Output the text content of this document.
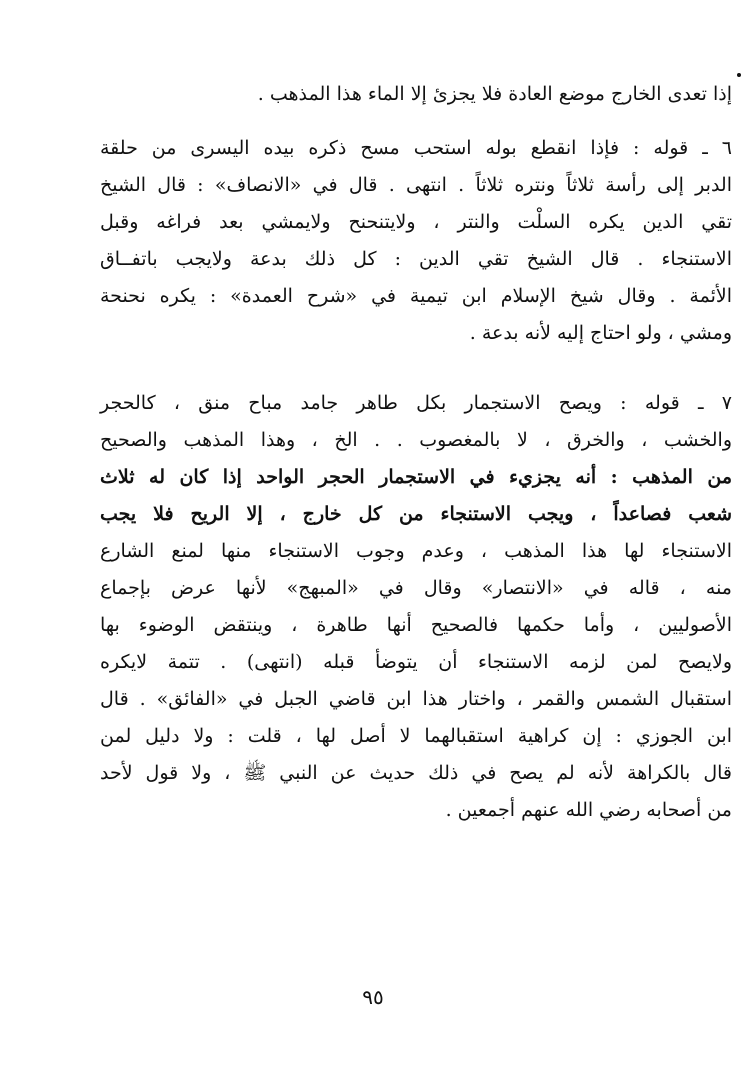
إذا تعدى الخارج موضع العادة فلا يجزئ إلا الماء هذا المذهب .
٦ ـ قوله : فإذا انقطع بوله استحب مسح ذكره بيده اليسرى من حلقة
الدبر إلى رأسة ثلاثاً ونتره ثلاثاً . انتهى . قال في «الانصاف» : قال الشيخ
تقي الدين يكره السلْت والنتر ، ولايتنحنح ولايمشي بعد فراغه وقبل
الاستنجاء . قال الشيخ تقي الدين : كل ذلك بدعة ولايجب باتفــاق
الأئمة . وقال شيخ الإسلام ابن تيمية في «شرح العمدة» : يكره نحنحة
ومشي ، ولو احتاج إليه لأنه بدعة .
٧ ـ قوله : ويصح الاستجمار بكل طاهر جامد مباح منق ، كالحجر
والخشب ، والخرق ، لا بالمغصوب . . الخ ، وهذا المذهب والصحيح
من المذهب : أنه يجزيء في الاستجمار الحجر الواحد إذا كان له ثلاث
شعب فصاعداً ، ويجب الاستنجاء من كل خارج ، إلا الريح فلا يجب
الاستنجاء لها هذا المذهب ، وعدم وجوب الاستنجاء منها لمنع الشارع
منه ، قاله في «الانتصار» وقال في «المبهج» لأنها عرض بإجماع
الأصوليين ، وأما حكمها فالصحيح أنها طاهرة ، وينتقض الوضوء بها
ولايصح لمن لزمه الاستنجاء أن يتوضأ قبله (انتهى) . تتمة لايكره
استقبال الشمس والقمر ، واختار هذا ابن قاضي الجبل في «الفائق» . قال
ابن الجوزي : إن كراهية استقبالهما لا أصل لها ، قلت : ولا دليل لمن
قال بالكراهة لأنه لم يصح في ذلك حديث عن النبي ﷺ ، ولا قول لأحد
من أصحابه رضي الله عنهم أجمعين .
٩٥
